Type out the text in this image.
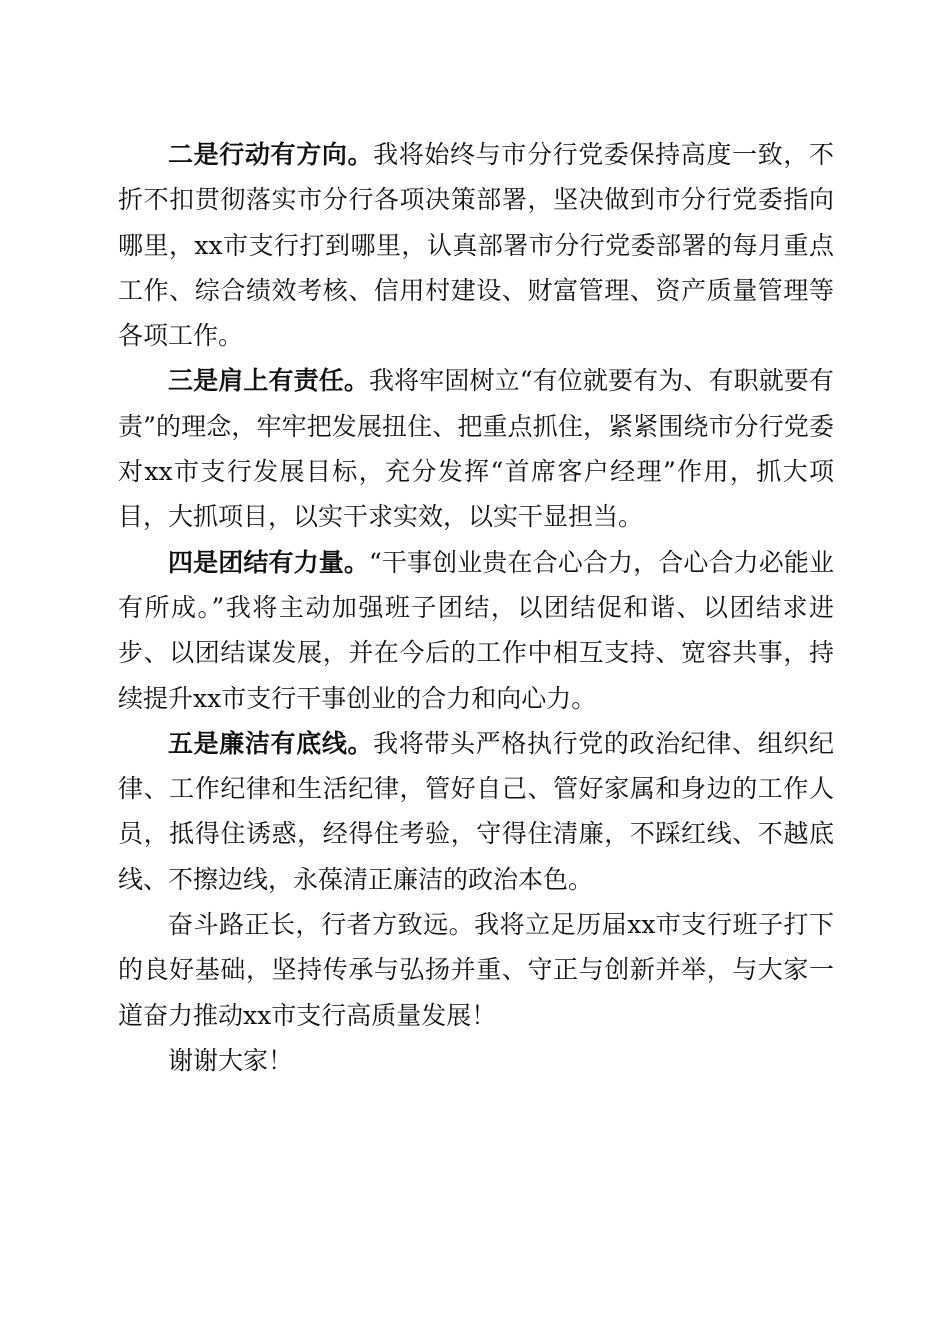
二是行动有方向。我将始终与市分行党委保持高度一致，不折不扣贯彻落实市分行各项决策部署，坚决做到市分行党委指向哪里，xx市支行打到哪里，认真部署市分行党委部署的每月重点工作、综合绩效考核、信用村建设、财富管理、资产质量管理等各项工作。

三是肩上有责任。我将牢固树立“有位就要有为、有职就要有责”的理念，牢牢把发展扭住、把重点抓住，紧紧围绕市分行党委对xx市支行发展目标，充分发挥“首席客户经理”作用，抓大项目，大抓项目，以实干求实效，以实干显担当。

四是团结有力量。“干事创业贵在合心合力，合心合力必能业有所成。”我将主动加强班子团结，以团结促和谐、以团结求进步、以团结谋发展，并在今后的工作中相互支持、宽容共事，持续提升xx市支行干事创业的合力和向心力。

五是廉洁有底线。我将带头严格执行党的政治纪律、组织纪律、工作纪律和生活纪律，管好自己、管好家属和身边的工作人员，抵得住诱惑，经得住考验，守得住清廉，不踩红线、不越底线、不擦边线，永葆清正廉洁的政治本色。

奋斗路正长，行者方致远。我将立足历届xx市支行班子打下的良好基础，坚持传承与弘扬并重、守正与创新并举，与大家一道奋力推动xx市支行高质量发展！

谢谢大家！
